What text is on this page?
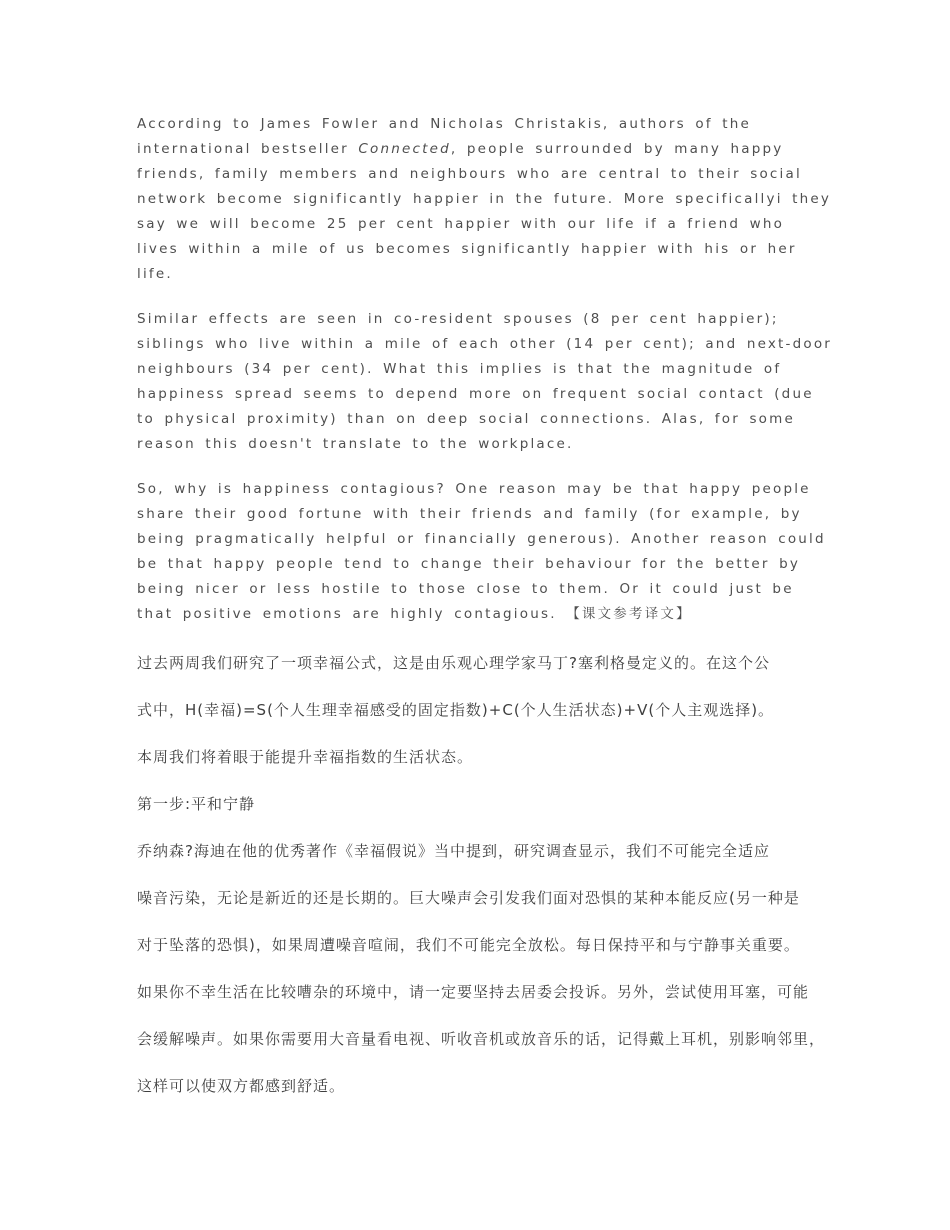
According to James Fowler and Nicholas Christakis, authors of the international bestseller Connected, people surrounded by many happy friends, family members and neighbours who are central to their social network become significantly happier in the future. More specificallyi they say we will become 25 per cent happier with our life if a friend who lives within a mile of us becomes significantly happier with his or her life.

Similar effects are seen in co-resident spouses (8 per cent happier); siblings who live within a mile of each other (14 per cent); and next-door neighbours (34 per cent). What this implies is that the magnitude of happiness spread seems to depend more on frequent social contact (due to physical proximity) than on deep social connections. Alas, for some reason this doesn't translate to the workplace.

So, why is happiness contagious? One reason may be that happy people share their good fortune with their friends and family (for example, by being pragmatically helpful or financially generous). Another reason could be that happy people tend to change their behaviour for the better by being nicer or less hostile to those close to them. Or it could just be that positive emotions are highly contagious. 【课文参考译文】

过去两周我们研究了一项幸福公式，这是由乐观心理学家马丁?塞利格曼定义的。在这个公

式中，H(幸福)=S(个人生理幸福感受的固定指数)+C(个人生活状态)+V(个人主观选择)。

本周我们将着眼于能提升幸福指数的生活状态。

第一步:平和宁静

乔纳森?海迪在他的优秀著作《幸福假说》当中提到，研究调查显示，我们不可能完全适应

噪音污染，无论是新近的还是长期的。巨大噪声会引发我们面对恐惧的某种本能反应(另一种是

对于坠落的恐惧)，如果周遭噪音喧闹，我们不可能完全放松。每日保持平和与宁静事关重要。

如果你不幸生活在比较嘈杂的环境中，请一定要坚持去居委会投诉。另外，尝试使用耳塞，可能

会缓解噪声。如果你需要用大音量看电视、听收音机或放音乐的话，记得戴上耳机，别影响邻里，

这样可以使双方都感到舒适。
